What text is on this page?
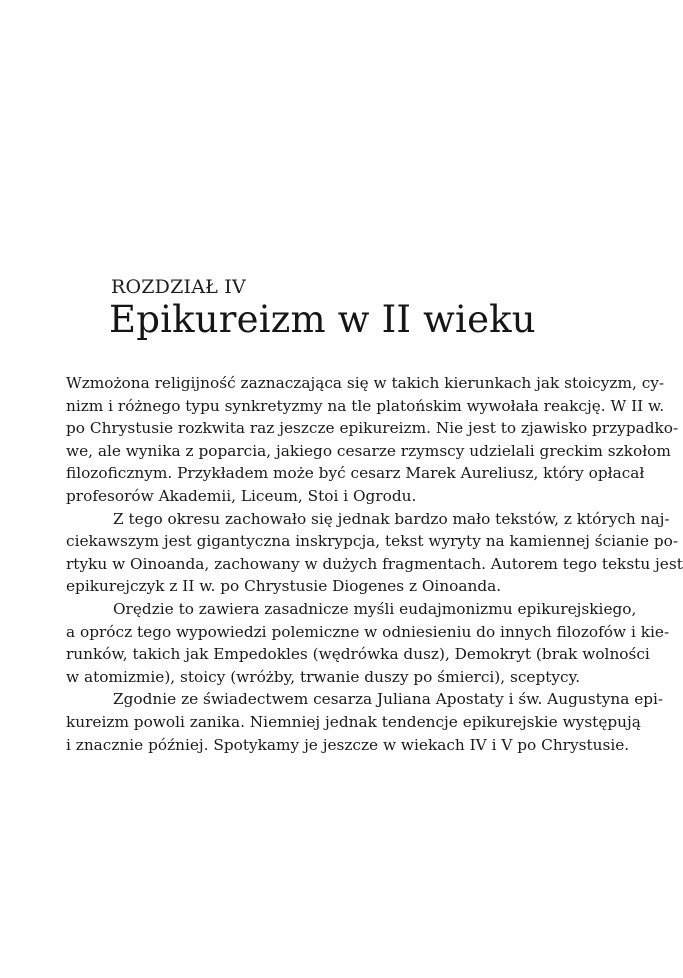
ROZDZIAŁ IV
Epikureizm w II wieku
Wzmożona religijność zaznaczająca się w takich kierunkach jak stoicyzm, cy-
nizm i różnego typu synkretyzmy na tle platońskim wywołała reakcję. W II w.
po Chrystusie rozkwita raz jeszcze epikureizm. Nie jest to zjawisko przypadko-
we, ale wynika z poparcia, jakiego cesarze rzymscy udzielali greckim szkołom
filozoficznym. Przykładem może być cesarz Marek Aureliusz, który opłacał
profesorów Akademii, Liceum, Stoi i Ogrodu.
Z tego okresu zachowało się jednak bardzo mało tekstów, z których naj-
ciekawszym jest gigantyczna inskrypcja, tekst wyryty na kamiennej ścianie po-
rtyku w Oinoanda, zachowany w dużych fragmentach. Autorem tego tekstu jest
epikurejczyk z II w. po Chrystusie Diogenes z Oinoanda.
Orędzie to zawiera zasadnicze myśli eudajmonizmu epikurejskiego,
a oprócz tego wypowiedzi polemiczne w odniesieniu do innych filozofów i kie-
runków, takich jak Empedokles (wędrówka dusz), Demokryt (brak wolności
w atomizmie), stoicy (wróżby, trwanie duszy po śmierci), sceptycy.
Zgodnie ze świadectwem cesarza Juliana Apostaty i św. Augustyna epi-
kureizm powoli zanika. Niemniej jednak tendencje epikurejskie występują
i znacznie później. Spotykamy je jeszcze w wiekach IV i V po Chrystusie.
